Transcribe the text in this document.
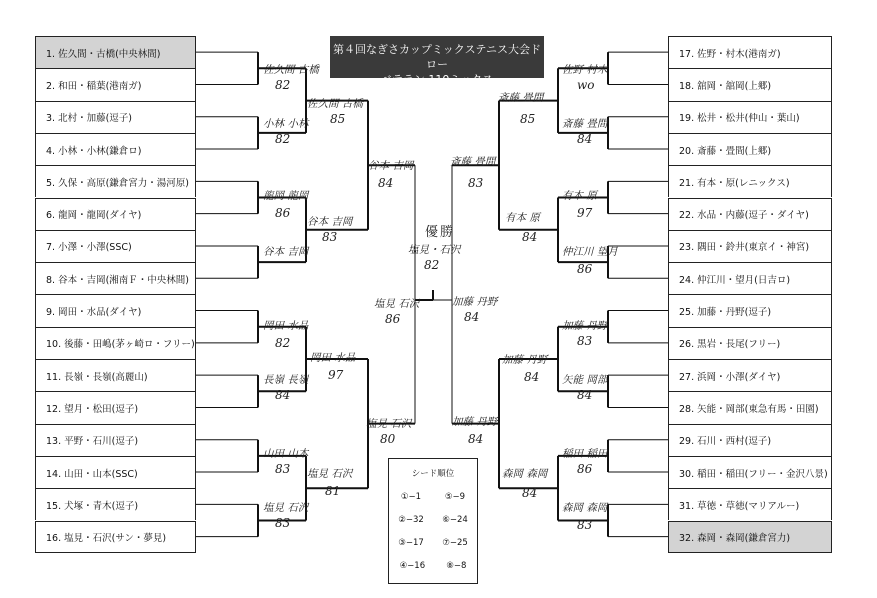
第４回なぎさカップミックステニス大会ドロー
ベテラン 110ミックス
1. 佐久間・古橋(中央林間)
2. 和田・稲葉(港南ガ)
3. 北村・加藤(逗子)
4. 小林・小林(鎌倉ロ)
5. 久保・高原(鎌倉宮力・湯河原)
6. 龍岡・龍岡(ダイヤ)
7. 小澤・小澤(SSC)
8. 谷本・吉岡(湘南Ｆ・中央林間)
9. 岡田・水品(ダイヤ)
10. 後藤・田嶋(茅ヶ崎ロ・フリー)
11. 長嶺・長嶺(高麗山)
12. 望月・松田(逗子)
13. 平野・石川(逗子)
14. 山田・山本(SSC)
15. 犬塚・青木(逗子)
16. 塩見・石沢(サン・夢見)
17. 佐野・村木(港南ガ)
18. 舘岡・舘岡(上郷)
19. 松井・松井(仲山・葉山)
20. 斎藤・畳間(上郷)
21. 有本・原(レニックス)
22. 水品・内藤(逗子・ダイヤ)
23. 隅田・鈴井(東京イ・神宮)
24. 仲江川・望月(日吉ロ)
25. 加藤・丹野(逗子)
26. 黒岩・長尾(フリー)
27. 浜岡・小澤(ダイヤ)
28. 矢能・岡部(東急有馬・田園)
29. 石川・西村(逗子)
30. 稲田・稲田(フリー・金沢八景)
31. 草徳・草徳(マリアルー)
32. 森岡・森岡(鎌倉宮力)
佐久間 古橋
82
小林 小林
82
龍岡 龍岡
86
谷本 吉岡
岡田 水品
82
長嶺 長嶺
84
山田 山本
83
塩見 石沢
83
佐久間 古橋
85
谷本 吉岡
83
岡田 水品
97
塩見 石沢
81
谷本 吉岡
84
塩見 石沢
80
塩見 石沢
86
優勝
塩見・石沢
82
佐野 村木
wo
斎藤 畳間
84
有本 原
97
仲江川 望月
86
加藤 丹野
83
矢能 岡部
84
稲田 稲田
86
森岡 森岡
83
斎藤 畳間
85
有本 原
84
加藤 丹野
84
森岡 森岡
84
斎藤 畳間
83
加藤 丹野
84
加藤 丹野
84
シード順位
①−1	⑤−9
②−32 ⑥−24
③−17 ⑦−25
④−16 ⑧−8
